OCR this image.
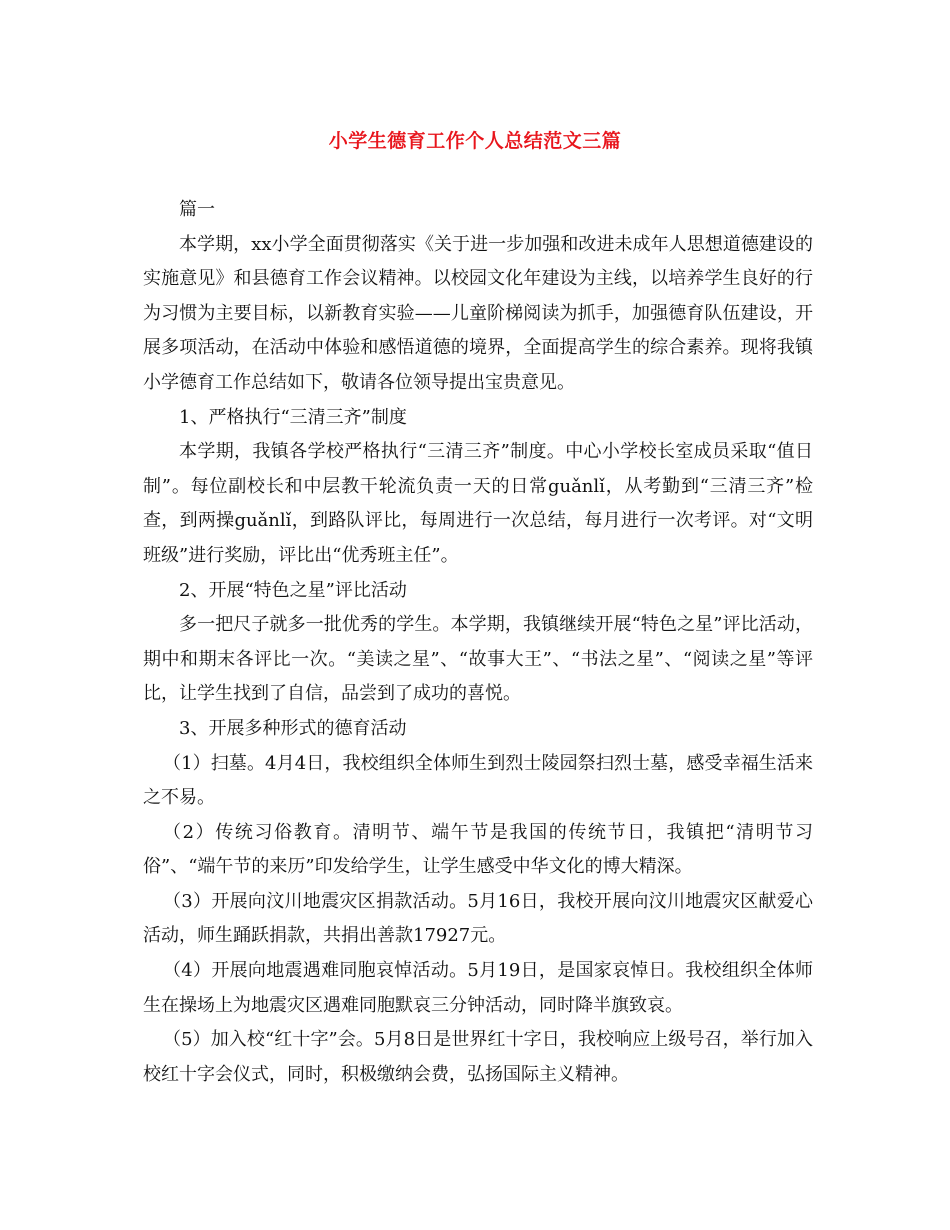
小学生德育工作个人总结范文三篇

篇一

本学期，xx小学全面贯彻落实《关于进一步加强和改进未成年人思想道德建设的实施意见》和县德育工作会议精神。以校园文化年建设为主线，以培养学生良好的行为习惯为主要目标，以新教育实验——儿童阶梯阅读为抓手，加强德育队伍建设，开展多项活动，在活动中体验和感悟道德的境界，全面提高学生的综合素养。现将我镇小学德育工作总结如下，敬请各位领导提出宝贵意见。

1、严格执行“三清三齐”制度

本学期，我镇各学校严格执行“三清三齐”制度。中心小学校长室成员采取“值日制”。每位副校长和中层教干轮流负责一天的日常guǎnlǐ，从考勤到“三清三齐”检查，到两操guǎnlǐ，到路队评比，每周进行一次总结，每月进行一次考评。对“文明班级”进行奖励，评比出“优秀班主任”。

2、开展“特色之星”评比活动

多一把尺子就多一批优秀的学生。本学期，我镇继续开展“特色之星”评比活动，期中和期末各评比一次。“美读之星”、“故事大王”、“书法之星”、“阅读之星”等评比，让学生找到了自信，品尝到了成功的喜悦。

3、开展多种形式的德育活动

（1）扫墓。4月4日，我校组织全体师生到烈士陵园祭扫烈士墓，感受幸福生活来之不易。

（2）传统习俗教育。清明节、端午节是我国的传统节日，我镇把“清明节习俗”、“端午节的来历”印发给学生，让学生感受中华文化的博大精深。

（3）开展向汶川地震灾区捐款活动。5月16日，我校开展向汶川地震灾区献爱心活动，师生踊跃捐款，共捐出善款17927元。

（4）开展向地震遇难同胞哀悼活动。5月19日，是国家哀悼日。我校组织全体师生在操场上为地震灾区遇难同胞默哀三分钟活动，同时降半旗致哀。

（5）加入校“红十字”会。5月8日是世界红十字日，我校响应上级号召，举行加入校红十字会仪式，同时，积极缴纳会费，弘扬国际主义精神。
